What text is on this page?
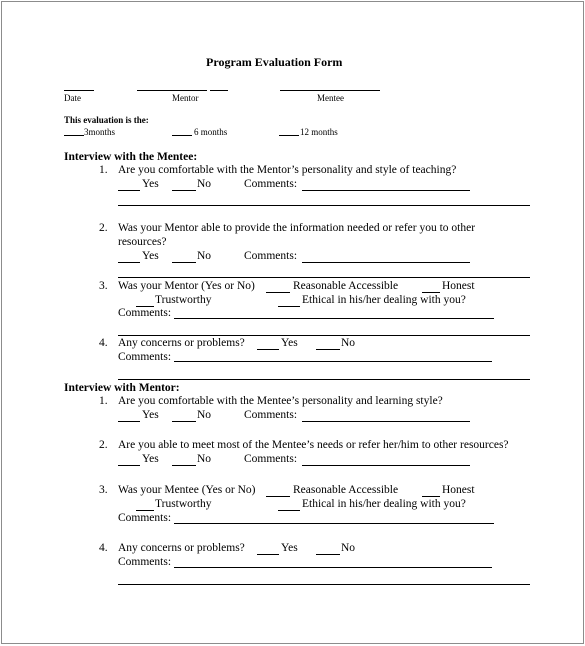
Program Evaluation Form
Date	Mentor	Mentee
This evaluation is the:
3months	6 months	12 months
Interview with the Mentee:
1. Are you comfortable with the Mentor’s personality and style of teaching?
Yes	No	Comments:
2. Was your Mentor able to provide the information needed or refer you to other
resources?
Yes	No	Comments:
3. Was your Mentor (Yes or No)	Reasonable Accessible	Honest
Trustworthy	Ethical in his/her dealing with you?
Comments:
4. Any concerns or problems?	Yes	No
Comments:
Interview with Mentor:
1. Are you comfortable with the Mentee’s personality and learning style?
Yes	No	Comments:
2. Are you able to meet most of the Mentee’s needs or refer her/him to other resources?
Yes	No	Comments:
3. Was your Mentee (Yes or No)	Reasonable Accessible	Honest
Trustworthy	Ethical in his/her dealing with you?
Comments:
4. Any concerns or problems?	Yes	No
Comments:
